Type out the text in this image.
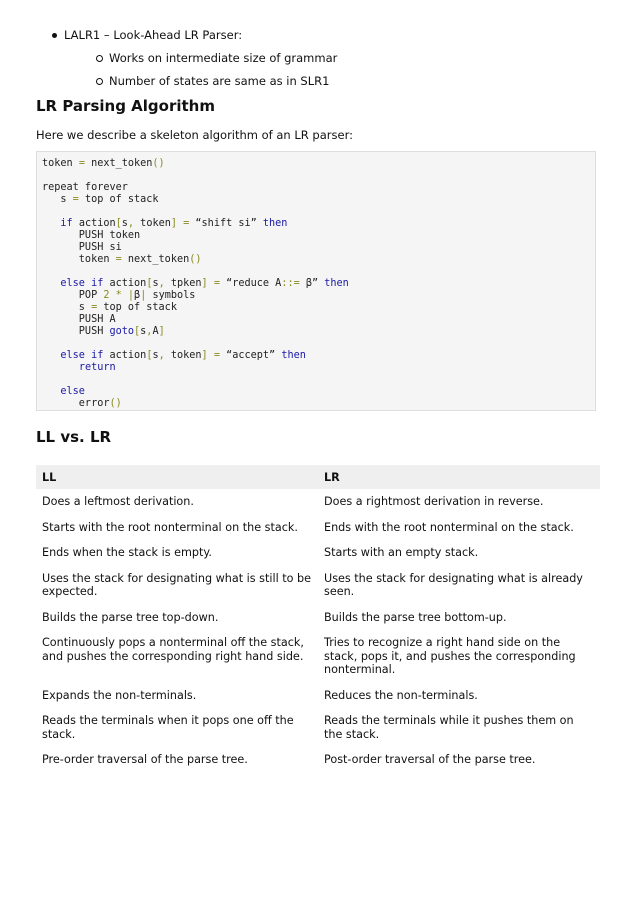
LALR1 – Look-Ahead LR Parser:
Works on intermediate size of grammar
Number of states are same as in SLR1
LR Parsing Algorithm
Here we describe a skeleton algorithm of an LR parser:
token = next_token()
repeat forever
s = top of stack
if action[s, token] = “shift si” then
PUSH token
PUSH si
token = next_token()
else if action[s, tpken] = “reduce A::= β” then
POP 2 * |β| symbols
s = top of stack
PUSH A
PUSH goto[s,A]
else if action[s, token] = “accept” then
return
else
error()
LL vs. LR
LL	LR
Does a leftmost derivation.	Does a rightmost derivation in reverse.
Starts with the root nonterminal on the stack.	Ends with the root nonterminal on the stack.
Ends when the stack is empty.	Starts with an empty stack.
Uses the stack for designating what is still to be expected.	Uses the stack for designating what is already seen.
Builds the parse tree top-down.	Builds the parse tree bottom-up.
Continuously pops a nonterminal off the stack, and pushes the corresponding right hand side.	Tries to recognize a right hand side on the stack, pops it, and pushes the corresponding nonterminal.
Expands the non-terminals.	Reduces the non-terminals.
Reads the terminals when it pops one off the stack.	Reads the terminals while it pushes them on the stack.
Pre-order traversal of the parse tree.	Post-order traversal of the parse tree.
